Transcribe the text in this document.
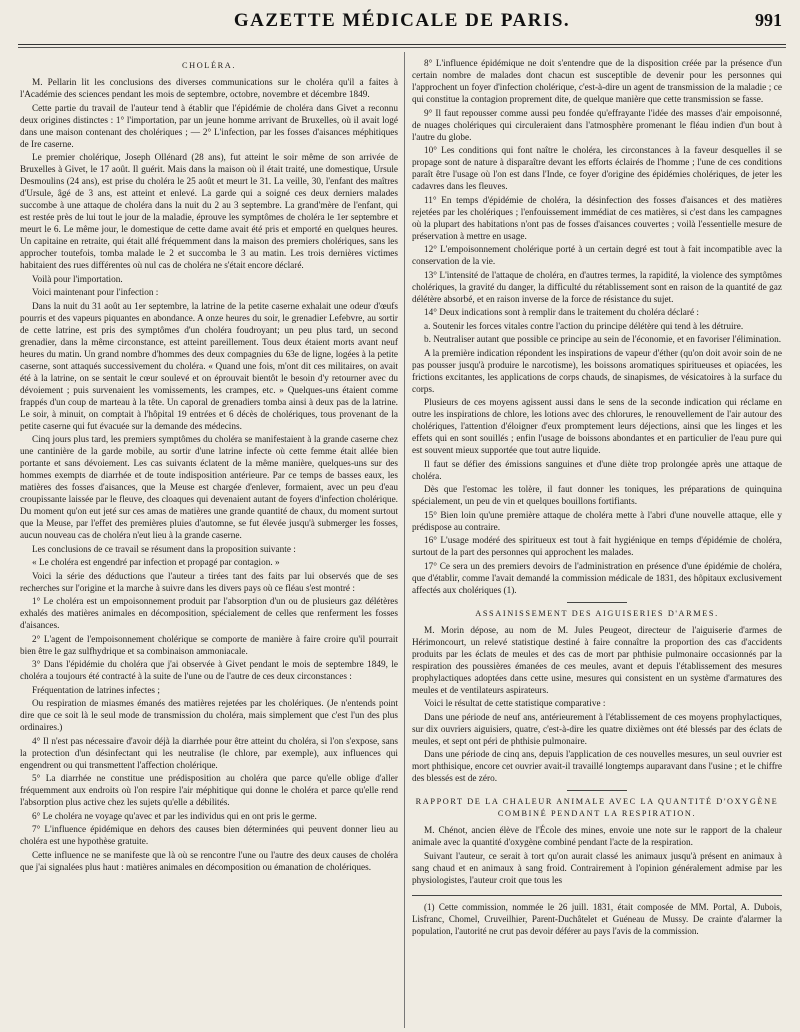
GAZETTE MÉDICALE DE PARIS.	991
CHOLÉRA.

M. Pellarin lit les conclusions des diverses communications sur le choléra qu'il a faites à l'Académie des sciences pendant les mois de septembre, octobre, novembre et décembre 1849.

Cette partie du travail de l'auteur tend à établir que l'épidémie de choléra dans Givet a reconnu deux origines distinctes : 1° l'importation, par un jeune homme arrivant de Bruxelles, où il avait logé dans une maison contenant des cholériques ; — 2° L'infection, par les fosses d'aisances méphitiques de Ire caserne.

Le premier cholérique, Joseph Ollénard (28 ans), fut atteint le soir même de son arrivée de Bruxelles à Givet, le 17 août. Il guérit. Mais dans la maison où il était traité, une domestique, Ursule Desmoulins (24 ans), est prise du choléra le 25 août et meurt le 31. La veille, 30, l'enfant des maîtres d'Ursule, âgé de 3 ans, est atteint et enlevé. La garde qui a soigné ces deux derniers malades succombe à une attaque de choléra dans la nuit du 2 au 3 septembre. La grand'mère de l'enfant, qui est restée près de lui tout le jour de la maladie, éprouve les symptômes de choléra le 1er septembre et meurt le 6. Le même jour, le domestique de cette dame avait été pris et emporté en quelques heures. Un capitaine en retraite, qui était allé fréquemment dans la maison des premiers cholériques, sans les approcher toutefois, tomba malade le 2 et succomba le 3 au matin. Les trois dernières victimes habitaient des rues différentes où nul cas de choléra ne s'était encore déclaré.

Voilà pour l'importation.

Voici maintenant pour l'infection :

Dans la nuit du 31 août au 1er septembre, la latrine de la petite caserne exhalait une odeur d'œufs pourris et des vapeurs piquantes en abondance. A onze heures du soir, le grenadier Lefebvre, au sortir de cette latrine, est pris des symptômes d'un choléra foudroyant; un peu plus tard, un second grenadier, dans la même circonstance, est atteint pareillement. Tous deux étaient morts avant neuf heures du matin. Un grand nombre d'hommes des deux compagnies du 63e de ligne, logées à la petite caserne, sont attaqués successivement du choléra. « Quand une fois, m'ont dit ces militaires, on avait été à la latrine, on se sentait le cœur soulevé et on éprouvait bientôt le besoin d'y retourner avec du dévoiement ; puis survenaient les vomissements, les crampes, etc. » Quelques-uns étaient comme frappés d'un coup de marteau à la tête. Un caporal de grenadiers tomba ainsi à deux pas de la latrine. Le soir, à minuit, on comptait à l'hôpital 19 entrées et 6 décès de cholériques, tous provenant de la petite caserne qui fut évacuée sur la demande des médecins.

Cinq jours plus tard, les premiers symptômes du choléra se manifestaient à la grande caserne chez une cantinière de la garde mobile, au sortir d'une latrine infecte où cette femme était allée bien portante et sans dévoiement. Les cas suivants éclatent de la même manière, quelques-uns sur des hommes exempts de diarrhée et de toute indisposition antérieure. Par ce temps de basses eaux, les matières des fosses d'aisances, que la Meuse est chargée d'enlever, formaient, avec un peu d'eau croupissante laissée par le fleuve, des cloaques qui devenaient autant de foyers d'infection cholérique. Du moment qu'on eut jeté sur ces amas de matières une grande quantité de chaux, du moment surtout que la Meuse, par l'effet des premières pluies d'automne, se fut élevée jusqu'à submerger les fosses, aucun nouveau cas de choléra n'eut lieu à la grande caserne.

Les conclusions de ce travail se résument dans la proposition suivante :

« Le choléra est engendré par infection et propagé par contagion. »

Voici la série des déductions que l'auteur a tirées tant des faits par lui observés que de ses recherches sur l'origine et la marche à suivre dans les divers pays où ce fléau s'est montré :

1° Le choléra est un empoisonnement produit par l'absorption d'un ou de plusieurs gaz délétères exhalés des matières animales en décomposition, spécialement de celles que renferment les fosses d'aisances.

2° L'agent de l'empoisonnement cholérique se comporte de manière à faire croire qu'il pourrait bien être le gaz sulfhydrique et sa combinaison ammoniacale.

3° Dans l'épidémie du choléra que j'ai observée à Givet pendant le mois de septembre 1849, le choléra a toujours été contracté à la suite de l'une ou de l'autre de ces deux circonstances :

Fréquentation de latrines infectes ;

Ou respiration de miasmes émanés des matières rejetées par les cholériques. (Je n'entends point dire que ce soit là le seul mode de transmission du choléra, mais simplement que c'est l'un des plus ordinaires.)

4° Il n'est pas nécessaire d'avoir déjà la diarrhée pour être atteint du choléra, si l'on s'expose, sans la protection d'un désinfectant qui les neutralise (le chlore, par exemple), aux influences qui engendrent ou qui transmettent l'affection cholérique.

5° La diarrhée ne constitue une prédisposition au choléra que parce qu'elle oblige d'aller fréquemment aux endroits où l'on respire l'air méphitique qui donne le choléra et parce qu'elle rend l'absorption plus active chez les sujets qu'elle a débilités.

6° Le choléra ne voyage qu'avec et par les individus qui en ont pris le germe.

7° L'influence épidémique en dehors des causes bien déterminées qui peuvent donner lieu au choléra est une hypothèse gratuite.

Cette influence ne se manifeste que là où se rencontre l'une ou l'autre des deux causes de choléra que j'ai signalées plus haut : matières animales en décomposition ou émanation de cholériques.

8° L'influence épidémique ne doit s'entendre que de la disposition créée par la présence d'un certain nombre de malades dont chacun est susceptible de devenir pour les personnes qui l'approchent un foyer d'infection cholérique, c'est-à-dire un agent de transmission de la maladie ; ce qui constitue la contagion proprement dite, de quelque manière que cette transmission se fasse.

9° Il faut repousser comme aussi peu fondée qu'effrayante l'idée des masses d'air empoisonné, de nuages cholériques qui circuleraient dans l'atmosphère promenant le fléau indien d'un bout à l'autre du globe.

10° Les conditions qui font naître le choléra, les circonstances à la faveur desquelles il se propage sont de nature à disparaître devant les efforts éclairés de l'homme ; l'une de ces conditions paraît être l'usage où l'on est dans l'Inde, ce foyer d'origine des épidémies cholériques, de jeter les cadavres dans les fleuves.

11° En temps d'épidémie de choléra, la désinfection des fosses d'aisances et des matières rejetées par les cholériques ; l'enfouissement immédiat de ces matières, si c'est dans les campagnes où la plupart des habitations n'ont pas de fosses d'aisances couvertes ; voilà l'essentielle mesure de préservation à mettre en usage.

12° L'empoisonnement cholérique porté à un certain degré est tout à fait incompatible avec la conservation de la vie.

13° L'intensité de l'attaque de choléra, en d'autres termes, la rapidité, la violence des symptômes cholériques, la gravité du danger, la difficulté du rétablissement sont en raison de la quantité de gaz délétère absorbé, et en raison inverse de la force de résistance du sujet.

14° Deux indications sont à remplir dans le traitement du choléra déclaré :

a. Soutenir les forces vitales contre l'action du principe délétère qui tend à les détruire.

b. Neutraliser autant que possible ce principe au sein de l'économie, et en favoriser l'élimination.

A la première indication répondent les inspirations de vapeur d'éther (qu'on doit avoir soin de ne pas pousser jusqu'à produire le narcotisme), les boissons aromatiques spiritueuses et opiacées, les frictions excitantes, les applications de corps chauds, de sinapismes, de vésicatoires à la surface du corps.

Plusieurs de ces moyens agissent aussi dans le sens de la seconde indication qui réclame en outre les inspirations de chlore, les lotions avec des chlorures, le renouvellement de l'air autour des cholériques, l'attention d'éloigner d'eux promptement leurs déjections, ainsi que les linges et les effets qui en sont souillés ; enfin l'usage de boissons abondantes et en particulier de l'eau pure qui est souvent mieux supportée que tout autre liquide.

Il faut se défier des émissions sanguines et d'une diète trop prolongée après une attaque de choléra.

Dès que l'estomac les tolère, il faut donner les toniques, les préparations de quinquina spécialement, un peu de vin et quelques bouillons fortifiants.

15° Bien loin qu'une première attaque de choléra mette à l'abri d'une nouvelle attaque, elle y prédispose au contraire.

16° L'usage modéré des spiritueux est tout à fait hygiénique en temps d'épidémie de choléra, surtout de la part des personnes qui approchent les malades.

17° Ce sera un des premiers devoirs de l'administration en présence d'une épidémie de choléra, que d'établir, comme l'avait demandé la commission médicale de 1831, des hôpitaux exclusivement affectés aux cholériques (1).

ASSAINISSEMENT DES AIGUISERIES D'ARMES.

M. Morin dépose, au nom de M. Jules Peugeot, directeur de l'aiguiserie d'armes de Hérimoncourt, un relevé statistique destiné à faire connaître la proportion des cas d'accidents produits par les éclats de meules et des cas de mort par phthisie pulmonaire occasionnés par la respiration des poussières émanées de ces meules, avant et depuis l'établissement des mesures prophylactiques adoptées dans cette usine, mesures qui consistent en un système d'armatures des meules et de ventilateurs aspirateurs.

Voici le résultat de cette statistique comparative :

Dans une période de neuf ans, antérieurement à l'établissement de ces moyens prophylactiques, sur dix ouvriers aiguisiers, quatre, c'est-à-dire les quatre dixièmes ont été blessés par des éclats de meules, et sept ont péri de phthisie pulmonaire.

Dans une période de cinq ans, depuis l'application de ces nouvelles mesures, un seul ouvrier est mort phthisique, encore cet ouvrier avait-il travaillé longtemps auparavant dans l'usine ; et le chiffre des blessés est de zéro.

RAPPORT DE LA CHALEUR ANIMALE AVEC LA QUANTITÉ D'OXYGÈNE COMBINÉ PENDANT LA RESPIRATION.

M. Chénot, ancien élève de l'École des mines, envoie une note sur le rapport de la chaleur animale avec la quantité d'oxygène combiné pendant l'acte de la respiration.

Suivant l'auteur, ce serait à tort qu'on aurait classé les animaux jusqu'à présent en animaux à sang chaud et en animaux à sang froid. Contrairement à l'opinion généralement admise par les physiologistes, l'auteur croit que tous les

(1) Cette commission, nommée le 26 juill. 1831, était composée de MM. Portal, A. Dubois, Lisfranc, Chomel, Cruveilhier, Parent-Duchâtelet et Guéneau de Mussy. De crainte d'alarmer la population, l'autorité ne crut pas devoir déférer au pays l'avis de la commission.
